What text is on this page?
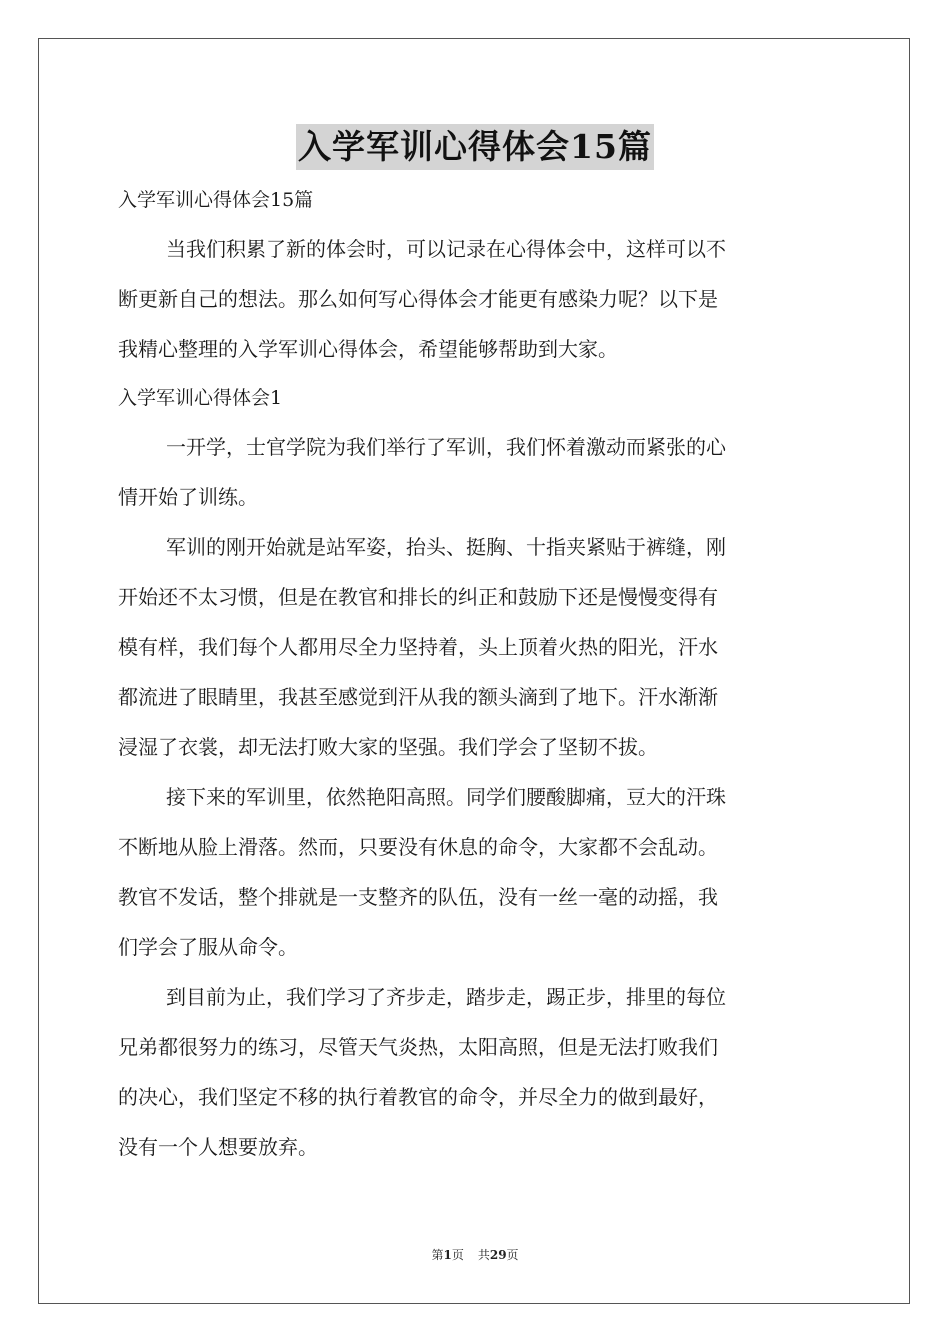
入学军训心得体会15篇

入学军训心得体会15篇

当我们积累了新的体会时，可以记录在心得体会中，这样可以不

断更新自己的想法。那么如何写心得体会才能更有感染力呢？以下是

我精心整理的入学军训心得体会，希望能够帮助到大家。

入学军训心得体会1

一开学，士官学院为我们举行了军训，我们怀着激动而紧张的心

情开始了训练。

军训的刚开始就是站军姿，抬头、挺胸、十指夹紧贴于裤缝，刚

开始还不太习惯，但是在教官和排长的纠正和鼓励下还是慢慢变得有

模有样，我们每个人都用尽全力坚持着，头上顶着火热的阳光，汗水

都流进了眼睛里，我甚至感觉到汗从我的额头滴到了地下。汗水渐渐

浸湿了衣裳，却无法打败大家的坚强。我们学会了坚韧不拔。

接下来的军训里，依然艳阳高照。同学们腰酸脚痛，豆大的汗珠

不断地从脸上滑落。然而，只要没有休息的命令，大家都不会乱动。

教官不发话，整个排就是一支整齐的队伍，没有一丝一毫的动摇，我

们学会了服从命令。

到目前为止，我们学习了齐步走，踏步走，踢正步，排里的每位

兄弟都很努力的练习，尽管天气炎热，太阳高照，但是无法打败我们

的决心，我们坚定不移的执行着教官的命令，并尽全力的做到最好，

没有一个人想要放弃。

第1页 共29页
